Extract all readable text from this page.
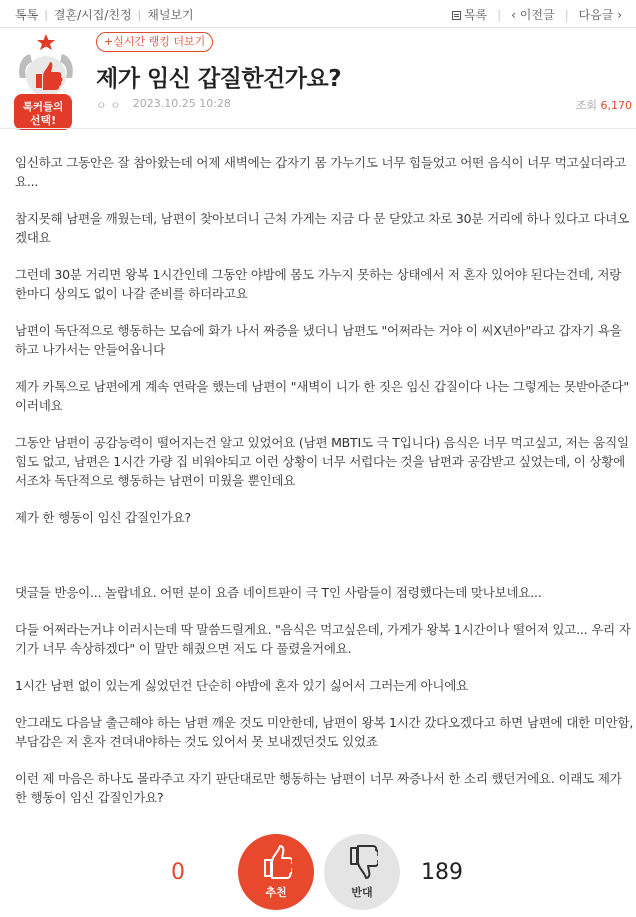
톡톡 | 결혼/시집/친정 | 채널보기	목록 | ‹ 이전글 | 다음글 ›
톡커들의
선택!
+실시간 랭킹 더보기
제가 임신 갑질한건가요?
ㅇ ㅇ 2023.10.25 10:28	조회 6,170

임신하고 그동안은 잘 참아왔는데 어제 새벽에는 갑자기 몸 가누기도 너무 힘들었고 어떤 음식이 너무 먹고싶더라고요...

참지못해 남편을 깨웠는데, 남편이 찾아보더니 근처 가게는 지금 다 문 닫았고 차로 30분 거리에 하나 있다고 다녀오겠대요

그런데 30분 거리면 왕복 1시간인데 그동안 야밤에 몸도 가누지 못하는 상태에서 저 혼자 있어야 된다는건데, 저랑 한마디 상의도 없이 나갈 준비를 하더라고요

남편이 독단적으로 행동하는 모습에 화가 나서 짜증을 냈더니 남편도 "어쩌라는 거야 이 씨X년아"라고 갑자기 욕을 하고 나가서는 안들어옵니다

제가 카톡으로 남편에게 계속 연락을 했는데 남편이 "새벽이 니가 한 짓은 임신 갑질이다 나는 그렇게는 못받아준다" 이러네요

그동안 남편이 공감능력이 떨어지는건 알고 있었어요 (남편 MBTI도 극 T입니다) 음식은 너무 먹고싶고, 저는 움직일 힘도 없고, 남편은 1시간 가량 집 비워야되고 이런 상황이 너무 서럽다는 것을 남편과 공감받고 싶었는데, 이 상황에서조차 독단적으로 행동하는 남편이 미웠을 뿐인데요

제가 한 행동이 임신 갑질인가요?

댓글들 반응이... 놀랍네요. 어떤 분이 요즘 네이트판이 극 T인 사람들이 점령했다는데 맞나보네요...

다들 어쩌라는거냐 이러시는데 딱 말씀드릴게요. "음식은 먹고싶은데, 가게가 왕복 1시간이나 떨어져 있고... 우리 자기가 너무 속상하겠다" 이 말만 해줬으면 저도 다 풀렸을거에요.

1시간 남편 없이 있는게 싫었던건 단순히 야밤에 혼자 있기 싫어서 그러는게 아니에요

안그래도 다음날 출근해야 하는 남편 깨운 것도 미안한데, 남편이 왕복 1시간 갔다오겠다고 하면 남편에 대한 미안함, 부담감은 저 혼자 견뎌내야하는 것도 있어서 못 보내겠던것도 있었죠

이런 제 마음은 하나도 몰라주고 자기 판단대로만 행동하는 남편이 너무 짜증나서 한 소리 했던거에요. 이래도 제가 한 행동이 임신 갑질인가요?

0
추천	반대
189
